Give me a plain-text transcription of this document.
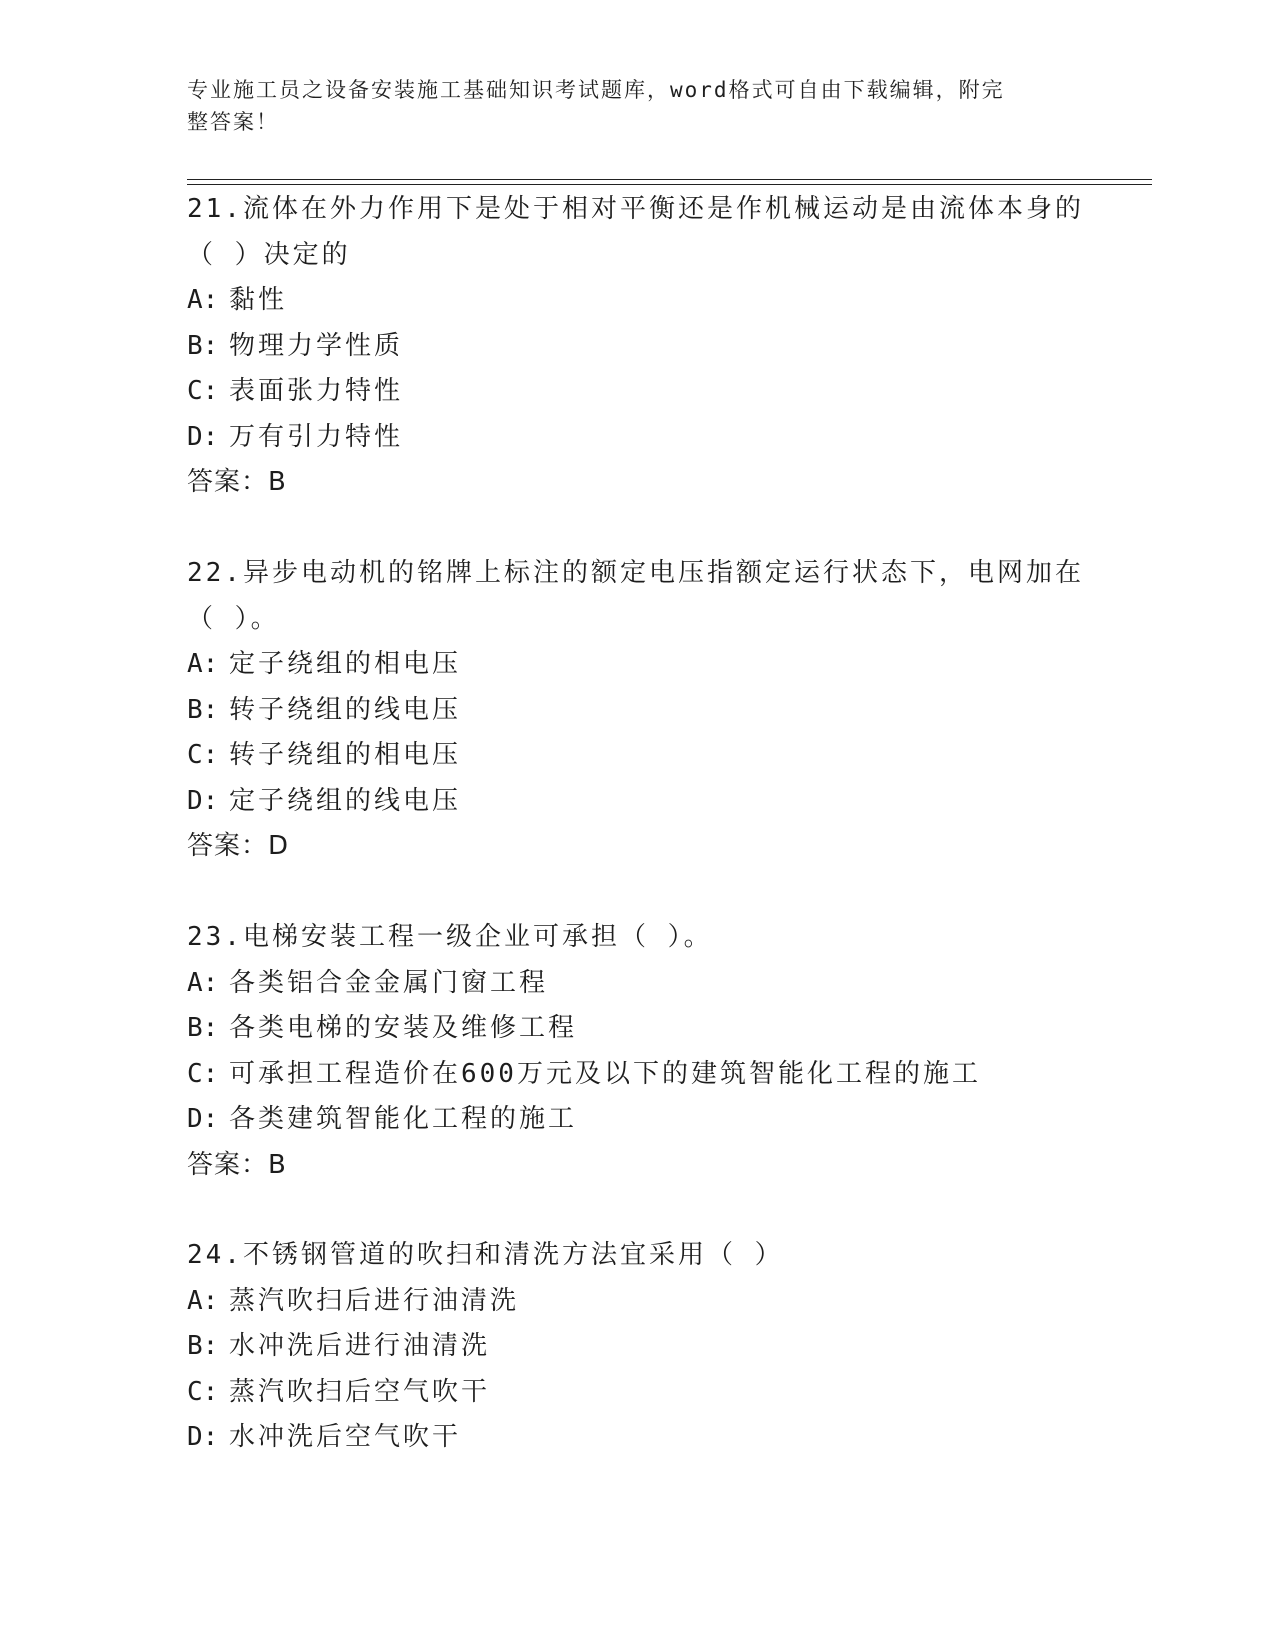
专业施工员之设备安装施工基础知识考试题库，word格式可自由下载编辑，附完
整答案！
21.流体在外力作用下是处于相对平衡还是作机械运动是由流体本身的
（ ）决定的
A: 黏性
B: 物理力学性质
C: 表面张力特性
D: 万有引力特性
答案：B
22.异步电动机的铭牌上标注的额定电压指额定运行状态下，电网加在
（ ）。
A: 定子绕组的相电压
B: 转子绕组的线电压
C: 转子绕组的相电压
D: 定子绕组的线电压
答案：D
23.电梯安装工程一级企业可承担（ ）。
A: 各类铝合金金属门窗工程
B: 各类电梯的安装及维修工程
C: 可承担工程造价在600万元及以下的建筑智能化工程的施工
D: 各类建筑智能化工程的施工
答案：B
24.不锈钢管道的吹扫和清洗方法宜采用（ ）
A: 蒸汽吹扫后进行油清洗
B: 水冲洗后进行油清洗
C: 蒸汽吹扫后空气吹干
D: 水冲洗后空气吹干
